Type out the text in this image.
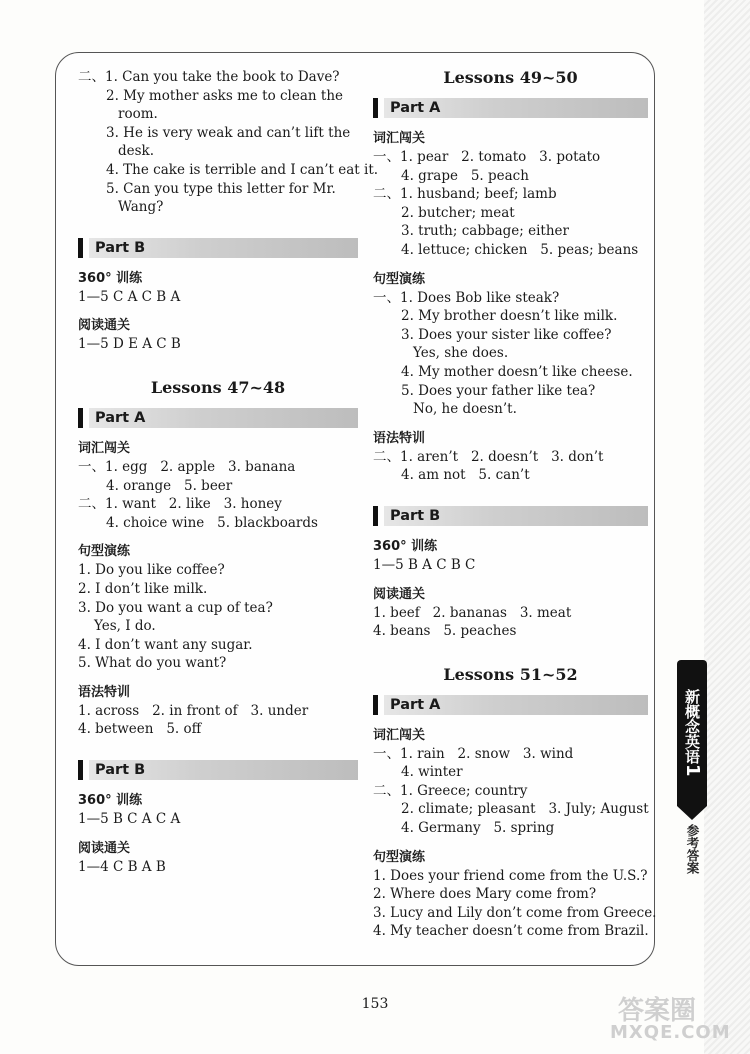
二、1. Can you take the book to Dave?
2. My mother asks me to clean the
room.
3. He is very weak and can’t lift the
desk.
4. The cake is terrible and I can’t eat it.
5. Can you type this letter for Mr.
Wang?
Part B
360° 训练
1—5 C A C B A
阅读通关
1—5 D E A C B
Lessons 47~48
Part A
词汇闯关
一、1. egg   2. apple   3. banana
4. orange   5. beer
二、1. want   2. like   3. honey
4. choice wine   5. blackboards
句型演练
1. Do you like coffee?
2. I don’t like milk.
3. Do you want a cup of tea?
Yes, I do.
4. I don’t want any sugar.
5. What do you want?
语法特训
1. across   2. in front of   3. under
4. between   5. off
Part B
360° 训练
1—5 B C A C A
阅读通关
1—4 C B A B
Lessons 49~50
Part A
词汇闯关
一、1. pear   2. tomato   3. potato
4. grape   5. peach
二、1. husband; beef; lamb
2. butcher; meat
3. truth; cabbage; either
4. lettuce; chicken   5. peas; beans
句型演练
一、1. Does Bob like steak?
2. My brother doesn’t like milk.
3. Does your sister like coffee?
Yes, she does.
4. My mother doesn’t like cheese.
5. Does your father like tea?
No, he doesn’t.
语法特训
二、1. aren’t   2. doesn’t   3. don’t
4. am not   5. can’t
Part B
360° 训练
1—5 B A C B C
阅读通关
1. beef   2. bananas   3. meat
4. beans   5. peaches
Lessons 51~52
Part A
词汇闯关
一、1. rain   2. snow   3. wind
4. winter
二、1. Greece; country
2. climate; pleasant   3. July; August
4. Germany   5. spring
句型演练
1. Does your friend come from the U.S.?
2. Where does Mary come from?
3. Lucy and Lily don’t come from Greece.
4. My teacher doesn’t come from Brazil.
新概念英语1
参考答案
153	答案圈
MXQE.COM
